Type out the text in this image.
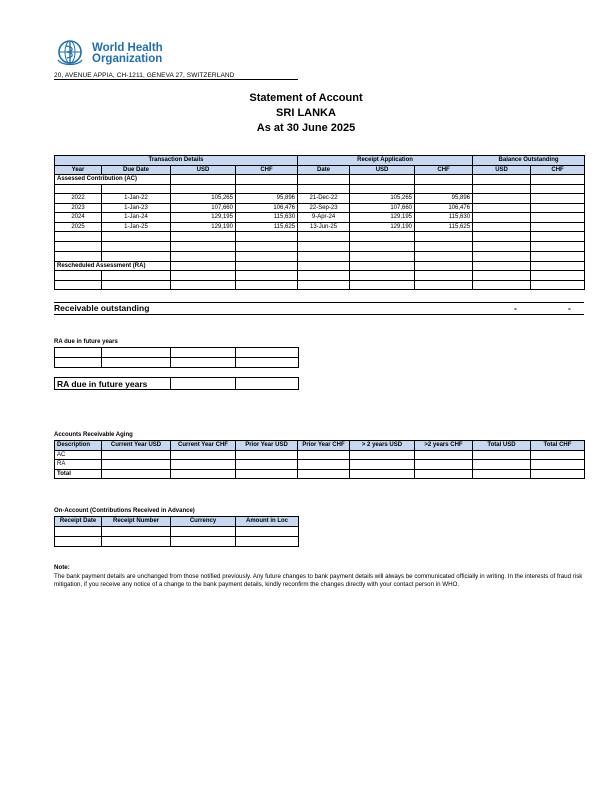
World Health
Organization
20, AVENUE APPIA, CH-1211, GENEVA 27, SWITZERLAND
Statement of Account
SRI LANKA
As at 30 June 2025
Transaction Details				Receipt Application			Balance Outstanding	
Year	Due Date	USD	CHF	Date	USD	CHF	USD	CHF
Assessed Contribution (AC)								

2022	1-Jan-22	105,265	95,896	21-Dec-22	105,265	95,896		
2023	1-Jan-23	107,660	106,476	22-Sep-23	107,660	106,476		
2024	1-Jan-24	129,195	115,630	9-Apr-24	129,195	115,630		
2025	1-Jan-25	129,190	115,625	13-Jun-25	129,190	115,625		

Rescheduled Assessment (RA)								

Receivable outstanding	-	-
RA due in future years

RA due in future years		
Accounts Receivable Aging
Description	Current Year USD	Current Year CHF	Prior Year USD	Prior Year CHF	> 2 years USD	>2 years CHF	Total USD	Total CHF
AC								
RA								
Total								
On-Account (Contributions Received in Advance)
Receipt Date	Receipt Number	Currency	Amount in Loc

Note:
The bank payment details are unchanged from those notified previously. Any future changes to bank payment details will always be communicated officially in writing. In the interests of fraud risk mitigation, if you receive any notice of a change to the bank payment details, kindly reconfirm the changes directly with your contact person in WHO.
